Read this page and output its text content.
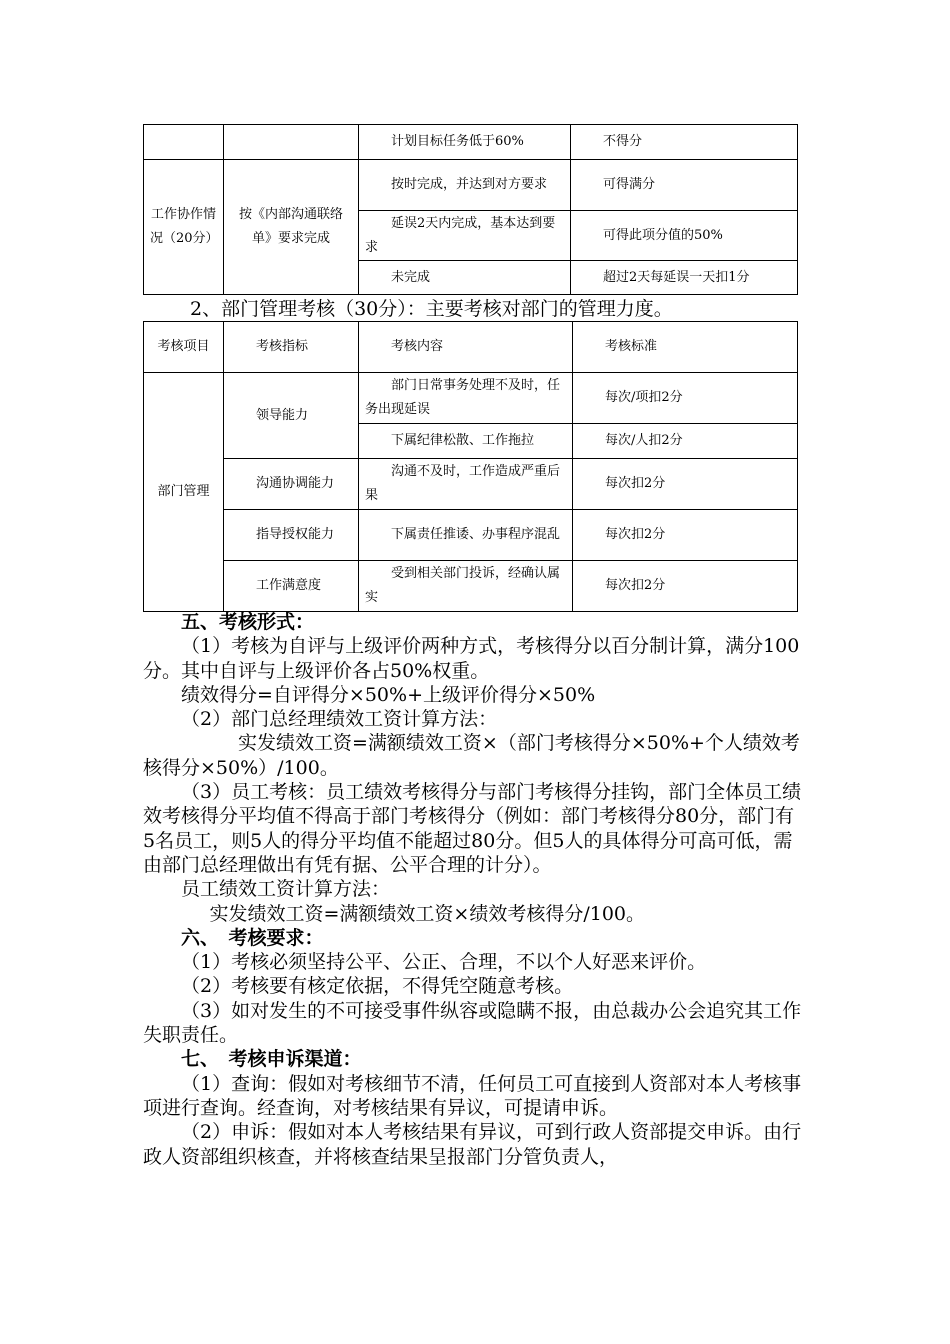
		计划目标任务低于60%	不得分
工作协作情况（20分）	按《内部沟通联络单》要求完成	按时完成，并达到对方要求	可得满分
		延误2天内完成，基本达到要求	可得此项分值的50%
		未完成	超过2天每延误一天扣1分
2、部门管理考核（30分）：主要考核对部门的管理力度。
考核项目	考核指标	考核内容	考核标准
部门管理	领导能力	部门日常事务处理不及时，任务出现延误	每次/项扣2分
		下属纪律松散、工作拖拉	每次/人扣2分
	沟通协调能力	沟通不及时，工作造成严重后果	每次扣2分
	指导授权能力	下属责任推诿、办事程序混乱	每次扣2分
	工作满意度	受到相关部门投诉，经确认属实	每次扣2分

五、考核形式：

（1）考核为自评与上级评价两种方式，考核得分以百分制计算，满分100分。其中自评与上级评价各占50%权重。

绩效得分=自评得分×50%+上级评价得分×50%

（2）部门总经理绩效工资计算方法：

实发绩效工资=满额绩效工资×（部门考核得分×50%+个人绩效考核得分×50%）/100。

（3）员工考核：员工绩效考核得分与部门考核得分挂钩，部门全体员工绩效考核得分平均值不得高于部门考核得分（例如：部门考核得分80分，部门有5名员工，则5人的得分平均值不能超过80分。但5人的具体得分可高可低，需由部门总经理做出有凭有据、公平合理的计分）。

员工绩效工资计算方法：

实发绩效工资=满额绩效工资×绩效考核得分/100。

六、　考核要求：

（1）考核必须坚持公平、公正、合理，不以个人好恶来评价。

（2）考核要有核定依据，不得凭空随意考核。

（3）如对发生的不可接受事件纵容或隐瞒不报，由总裁办公会追究其工作失职责任。

七、　考核申诉渠道：

（1）查询：假如对考核细节不清，任何员工可直接到人资部对本人考核事项进行查询。经查询，对考核结果有异议，可提请申诉。

（2）申诉：假如对本人考核结果有异议，可到行政人资部提交申诉。由行政人资部组织核查，并将核查结果呈报部门分管负责人，
